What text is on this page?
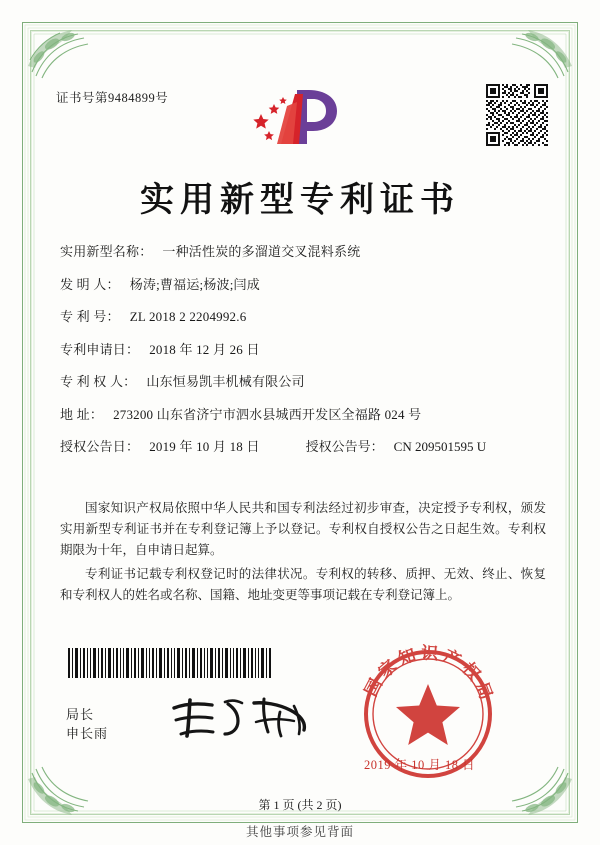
证书号第9484899号
实用新型专利证书
实用新型名称： 一种活性炭的多溜道交叉混料系统
发 明 人： 杨涛;曹福运;杨波;闫成
专 利 号： ZL 2018 2 2204992.6
专利申请日： 2018 年 12 月 26 日
专 利 权 人： 山东恒易凯丰机械有限公司
地 址： 273200 山东省济宁市泗水县城西开发区全福路 024 号
授权公告日： 2019 年 10 月 18 日	授权公告号： CN 209501595 U

国家知识产权局依照中华人民共和国专利法经过初步审查，决定授予专利权，颁发实用新型专利证书并在专利登记簿上予以登记。专利权自授权公告之日起生效。专利权期限为十年，自申请日起算。

专利证书记载专利权登记时的法律状况。专利权的转移、质押、无效、终止、恢复和专利权人的姓名或名称、国籍、地址变更等事项记载在专利登记簿上。

局长
申长雨
国家知识产权局
2019 年 10 月 18 日
第 1 页 (共 2 页)
其他事项参见背面
